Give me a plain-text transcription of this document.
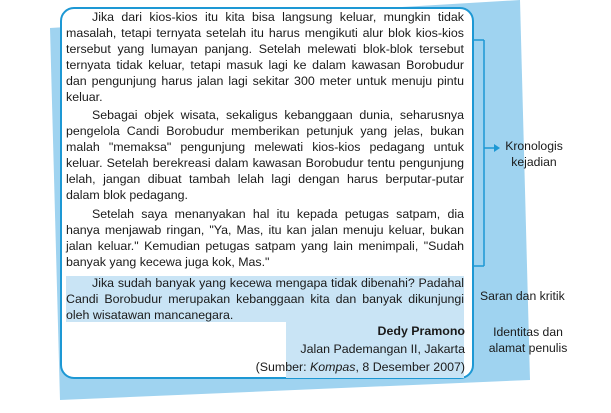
Jika dari kios-kios itu kita bisa langsung keluar, mungkin tidak masalah, tetapi ternyata setelah itu harus mengikuti alur blok kios-kios tersebut yang lumayan panjang. Setelah melewati blok-blok tersebut ternyata tidak keluar, tetapi masuk lagi ke dalam kawasan Borobudur dan pengunjung harus jalan lagi sekitar 300 meter untuk menuju pintu keluar.

Sebagai objek wisata, sekaligus kebanggaan dunia, seharusnya pengelola Candi Borobudur memberikan petunjuk yang jelas, bukan malah "memaksa" pengunjung melewati kios-kios pedagang untuk keluar. Setelah berekreasi dalam kawasan Borobudur tentu pengunjung lelah, jangan dibuat tambah lelah lagi dengan harus berputar-putar dalam blok pedagang.

Setelah saya menanyakan hal itu kepada petugas satpam, dia hanya menjawab ringan, "Ya, Mas, itu kan jalan menuju keluar, bukan jalan keluar." Kemudian petugas satpam yang lain menimpali, "Sudah banyak yang kecewa juga kok, Mas."

Jika sudah banyak yang kecewa mengapa tidak dibenahi? Padahal Candi Borobudur merupakan kebanggaan kita dan banyak dikunjungi oleh wisatawan mancanegara.

Dedy Pramono
Jalan Pademangan II, Jakarta
(Sumber: Kompas, 8 Desember 2007)
Kronologis kejadian
Saran dan kritik
Identitas dan alamat penulis
